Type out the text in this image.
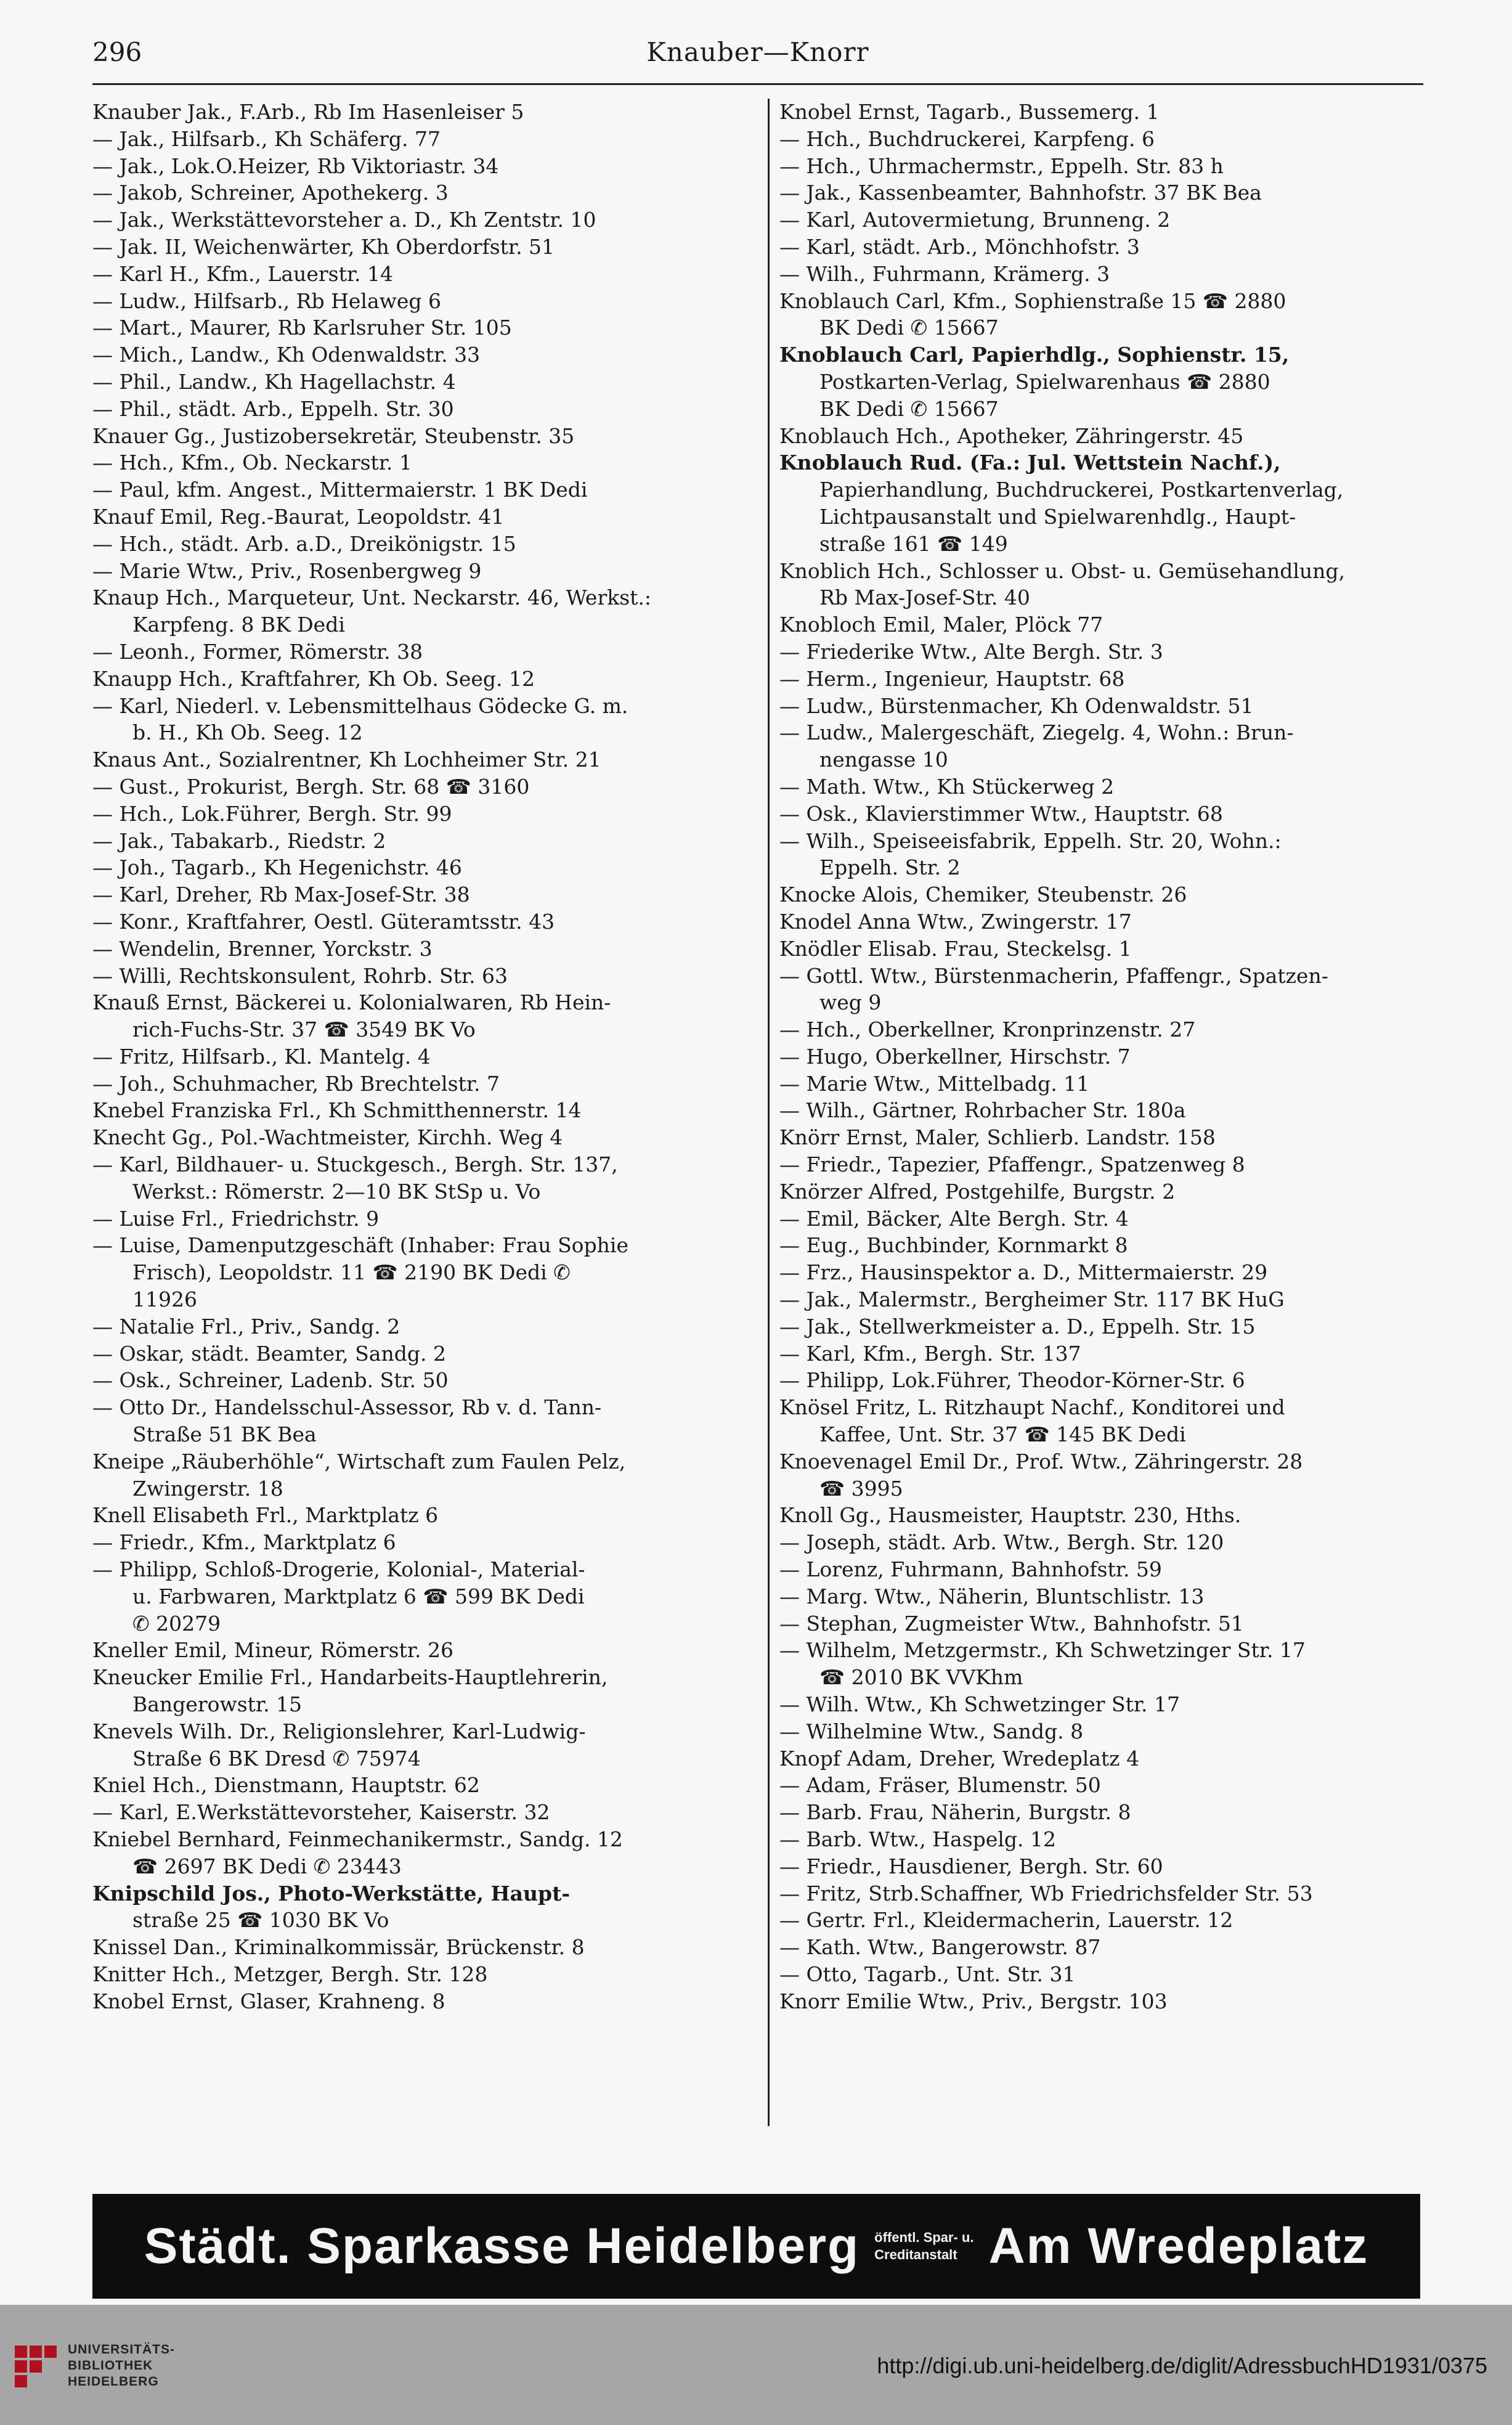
296	Knauber—Knorr
Knauber Jak., F.Arb., Rb Im Hasenleiser 5
— Jak., Hilfsarb., Kh Schäferg. 77
— Jak., Lok.O.Heizer, Rb Viktoriastr. 34
— Jakob, Schreiner, Apothekerg. 3
— Jak., Werkstättevorsteher a. D., Kh Zentstr. 10
— Jak. II, Weichenwärter, Kh Oberdorfstr. 51
— Karl H., Kfm., Lauerstr. 14
— Ludw., Hilfsarb., Rb Helaweg 6
— Mart., Maurer, Rb Karlsruher Str. 105
— Mich., Landw., Kh Odenwaldstr. 33
— Phil., Landw., Kh Hagellachstr. 4
— Phil., städt. Arb., Eppelh. Str. 30
Knauer Gg., Justizobersekretär, Steubenstr. 35
— Hch., Kfm., Ob. Neckarstr. 1
— Paul, kfm. Angest., Mittermaierstr. 1 BK Dedi
Knauf Emil, Reg.-Baurat, Leopoldstr. 41
— Hch., städt. Arb. a.D., Dreikönigstr. 15
— Marie Wtw., Priv., Rosenbergweg 9
Knaup Hch., Marqueteur, Unt. Neckarstr. 46, Werkst.:
Karpfeng. 8 BK Dedi
— Leonh., Former, Römerstr. 38
Knaupp Hch., Kraftfahrer, Kh Ob. Seeg. 12
— Karl, Niederl. v. Lebensmittelhaus Gödecke G. m.
b. H., Kh Ob. Seeg. 12
Knaus Ant., Sozialrentner, Kh Lochheimer Str. 21
— Gust., Prokurist, Bergh. Str. 68 ☎ 3160
— Hch., Lok.Führer, Bergh. Str. 99
— Jak., Tabakarb., Riedstr. 2
— Joh., Tagarb., Kh Hegenichstr. 46
— Karl, Dreher, Rb Max-Josef-Str. 38
— Konr., Kraftfahrer, Oestl. Güteramtsstr. 43
— Wendelin, Brenner, Yorckstr. 3
— Willi, Rechtskonsulent, Rohrb. Str. 63
Knauß Ernst, Bäckerei u. Kolonialwaren, Rb Hein-
rich-Fuchs-Str. 37 ☎ 3549 BK Vo
— Fritz, Hilfsarb., Kl. Mantelg. 4
— Joh., Schuhmacher, Rb Brechtelstr. 7
Knebel Franziska Frl., Kh Schmitthennerstr. 14
Knecht Gg., Pol.-Wachtmeister, Kirchh. Weg 4
— Karl, Bildhauer- u. Stuckgesch., Bergh. Str. 137,
Werkst.: Römerstr. 2—10 BK StSp u. Vo
— Luise Frl., Friedrichstr. 9
— Luise, Damenputzgeschäft (Inhaber: Frau Sophie
Frisch), Leopoldstr. 11 ☎ 2190 BK Dedi ✆
11926
— Natalie Frl., Priv., Sandg. 2
— Oskar, städt. Beamter, Sandg. 2
— Osk., Schreiner, Ladenb. Str. 50
— Otto Dr., Handelsschul-Assessor, Rb v. d. Tann-
Straße 51 BK Bea
Kneipe „Räuberhöhle“, Wirtschaft zum Faulen Pelz,
Zwingerstr. 18
Knell Elisabeth Frl., Marktplatz 6
— Friedr., Kfm., Marktplatz 6
— Philipp, Schloß-Drogerie, Kolonial-, Material-
u. Farbwaren, Marktplatz 6 ☎ 599 BK Dedi
✆ 20279
Kneller Emil, Mineur, Römerstr. 26
Kneucker Emilie Frl., Handarbeits-Hauptlehrerin,
Bangerowstr. 15
Knevels Wilh. Dr., Religionslehrer, Karl-Ludwig-
Straße 6 BK Dresd ✆ 75974
Kniel Hch., Dienstmann, Hauptstr. 62
— Karl, E.Werkstättevorsteher, Kaiserstr. 32
Kniebel Bernhard, Feinmechanikermstr., Sandg. 12
☎ 2697 BK Dedi ✆ 23443
Knipschild Jos., Photo-Werkstätte, Haupt-
straße 25 ☎ 1030 BK Vo
Knissel Dan., Kriminalkommissär, Brückenstr. 8
Knitter Hch., Metzger, Bergh. Str. 128
Knobel Ernst, Glaser, Krahneng. 8
Knobel Ernst, Tagarb., Bussemerg. 1
— Hch., Buchdruckerei, Karpfeng. 6
— Hch., Uhrmachermstr., Eppelh. Str. 83 h
— Jak., Kassenbeamter, Bahnhofstr. 37 BK Bea
— Karl, Autovermietung, Brunneng. 2
— Karl, städt. Arb., Mönchhofstr. 3
— Wilh., Fuhrmann, Krämerg. 3
Knoblauch Carl, Kfm., Sophienstraße 15 ☎ 2880
BK Dedi ✆ 15667
Knoblauch Carl, Papierhdlg., Sophienstr. 15,
Postkarten-Verlag, Spielwarenhaus ☎ 2880
BK Dedi ✆ 15667
Knoblauch Hch., Apotheker, Zähringerstr. 45
Knoblauch Rud. (Fa.: Jul. Wettstein Nachf.),
Papierhandlung, Buchdruckerei, Postkartenverlag,
Lichtpausanstalt und Spielwarenhdlg., Haupt-
straße 161 ☎ 149
Knoblich Hch., Schlosser u. Obst- u. Gemüsehandlung,
Rb Max-Josef-Str. 40
Knobloch Emil, Maler, Plöck 77
— Friederike Wtw., Alte Bergh. Str. 3
— Herm., Ingenieur, Hauptstr. 68
— Ludw., Bürstenmacher, Kh Odenwaldstr. 51
— Ludw., Malergeschäft, Ziegelg. 4, Wohn.: Brun-
nengasse 10
— Math. Wtw., Kh Stückerweg 2
— Osk., Klavierstimmer Wtw., Hauptstr. 68
— Wilh., Speiseeisfabrik, Eppelh. Str. 20, Wohn.:
Eppelh. Str. 2
Knocke Alois, Chemiker, Steubenstr. 26
Knodel Anna Wtw., Zwingerstr. 17
Knödler Elisab. Frau, Steckelsg. 1
— Gottl. Wtw., Bürstenmacherin, Pfaffengr., Spatzen-
weg 9
— Hch., Oberkellner, Kronprinzenstr. 27
— Hugo, Oberkellner, Hirschstr. 7
— Marie Wtw., Mittelbadg. 11
— Wilh., Gärtner, Rohrbacher Str. 180a
Knörr Ernst, Maler, Schlierb. Landstr. 158
— Friedr., Tapezier, Pfaffengr., Spatzenweg 8
Knörzer Alfred, Postgehilfe, Burgstr. 2
— Emil, Bäcker, Alte Bergh. Str. 4
— Eug., Buchbinder, Kornmarkt 8
— Frz., Hausinspektor a. D., Mittermaierstr. 29
— Jak., Malermstr., Bergheimer Str. 117 BK HuG
— Jak., Stellwerkmeister a. D., Eppelh. Str. 15
— Karl, Kfm., Bergh. Str. 137
— Philipp, Lok.Führer, Theodor-Körner-Str. 6
Knösel Fritz, L. Ritzhaupt Nachf., Konditorei und
Kaffee, Unt. Str. 37 ☎ 145 BK Dedi
Knoevenagel Emil Dr., Prof. Wtw., Zähringerstr. 28
☎ 3995
Knoll Gg., Hausmeister, Hauptstr. 230, Hths.
— Joseph, städt. Arb. Wtw., Bergh. Str. 120
— Lorenz, Fuhrmann, Bahnhofstr. 59
— Marg. Wtw., Näherin, Bluntschlistr. 13
— Stephan, Zugmeister Wtw., Bahnhofstr. 51
— Wilhelm, Metzgermstr., Kh Schwetzinger Str. 17
☎ 2010 BK VVKhm
— Wilh. Wtw., Kh Schwetzinger Str. 17
— Wilhelmine Wtw., Sandg. 8
Knopf Adam, Dreher, Wredeplatz 4
— Adam, Fräser, Blumenstr. 50
— Barb. Frau, Näherin, Burgstr. 8
— Barb. Wtw., Haspelg. 12
— Friedr., Hausdiener, Bergh. Str. 60
— Fritz, Strb.Schaffner, Wb Friedrichsfelder Str. 53
— Gertr. Frl., Kleidermacherin, Lauerstr. 12
— Kath. Wtw., Bangerowstr. 87
— Otto, Tagarb., Unt. Str. 31
Knorr Emilie Wtw., Priv., Bergstr. 103
Städt. Sparkasse Heidelberg öffentl. Spar- u.
Creditanstalt Am Wredeplatz
UNIVERSITÄTS-
BIBLIOTHEK
HEIDELBERG
http://digi.ub.uni-heidelberg.de/diglit/AdressbuchHD1931/0375
